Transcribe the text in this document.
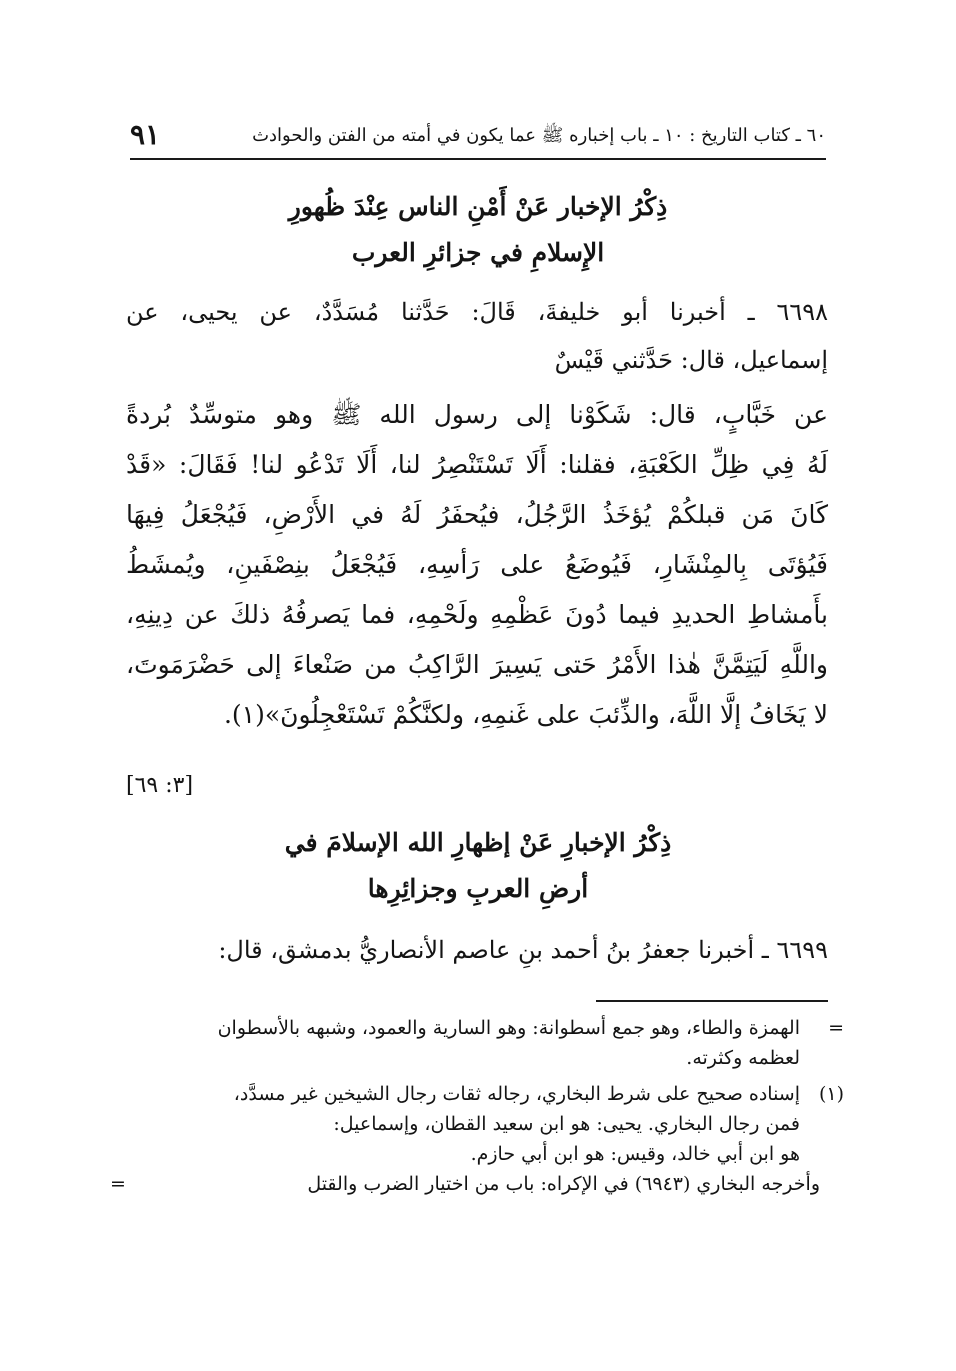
٦٠ ـ كتاب التاريخ : ١٠ ـ باب إخباره ﷺ عما يكون في أمته من الفتن والحوادث
٩١
ذِكْرُ الإخبار عَنْ أَمْنِ الناس عِنْدَ ظُهورِ
الإِسلامِ في جزائرِ العرب
٦٦٩٨ ـ أخبرنا أبو خليفةَ، قَالَ: حَدَّثنا مُسَدَّدٌ، عن يحيى، عن
إسماعيل، قال: حَدَّثني قَيْسٌ
عن خَبَّابٍ، قال: شَكَوْنا إلى رسول الله ﷺ وهو متوسِّدٌ بُردةً
لَهُ فِي ظِلِّ الكَعْبَةِ، فقلنا: أَلَا تَسْتَنْصِرُ لنا، أَلَا تَدْعُو لنا! فَقَالَ: «قَدْ
كَانَ مَن قبلكُمْ يُؤخَذُ الرَّجُلُ، فيُحفَرُ لَهُ في الأَرْضِ، فَيُجْعَلُ فِيهَا
فَيُؤتَى بِالمِنْشَارِ، فَيُوضَعُ على رَأسِهِ، فَيُجْعَلُ بنِصْفَينِ، ويُمشَطُ
بأَمشاطِ الحديدِ فيما دُونَ عَظْمِهِ ولَحْمِهِ، فما يَصرفُهُ ذلكَ عن دِينِهِ،
واللَّهِ لَيَتِمَّنَّ هٰذا الأَمْرُ حَتى يَسِيرَ الرَّاكِبُ من صَنْعاءَ إلى حَضْرَمَوتَ،
لا يَخَافُ إلَّا اللَّهَ، والذِّئبَ على غَنمِهِ، ولكنَّكُمْ تَسْتَعْجِلُونَ»(١).
[٣: ٦٩]
ذِكْرُ الإخبارِ عَنْ إظهارِ الله الإسلامَ في
أرضِ العربِ وجزائِرِها
٦٦٩٩ ـ أخبرنا جعفرُ بنُ أحمد بنِ عاصم الأنصاريُّ بدمشق، قال:
=
الهمزة والطاء، وهو جمع أسطوانة: وهو السارية والعمود، وشبهه بالأسطوان
لعظمه وكثرته.
(١)
إسناده صحيح على شرط البخاري، رجاله ثقات رجال الشيخين غير مسدَّد،
فمن رجال البخاري. يحيى: هو ابن سعيد القطان، وإسماعيل:
هو ابن أبي خالد، وقيس: هو ابن أبي حازم.
وأخرجه البخاري (٦٩٤٣) في الإكراه: باب من اختيار الضرب والقتل
=
